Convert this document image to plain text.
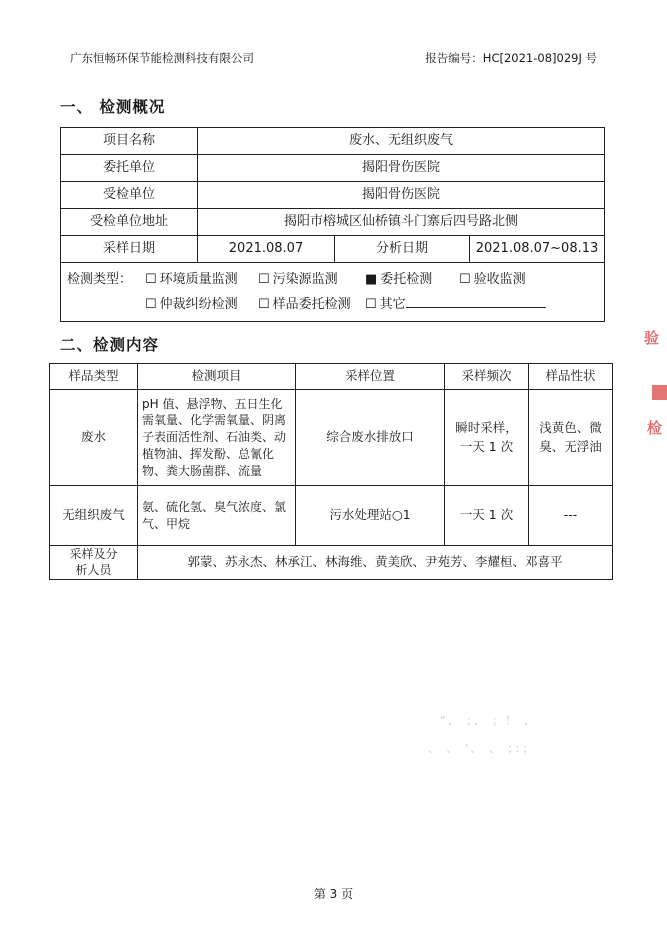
广东恒畅环保节能检测科技有限公司	报告编号：HC[2021-08]029J 号
一、 检测概况
项目名称	废水、无组织废气		
委托单位	揭阳骨伤医院		
受检单位	揭阳骨伤医院		
受检单位地址	揭阳市榕城区仙桥镇斗门寨后四号路北侧		
采样日期	2021.08.07	分析日期	2021.08.07~08.13
检测类型： ☐ 环境质量监测 ☐ 污染源监测 ■ 委托检测 ☐ 验收监测
☐ 仲裁纠纷检测 ☐ 样品委托检测 ☐ 其它			
二、检测内容
样品类型	检测项目	采样位置	采样频次	样品性状
废水	pH 值、悬浮物、五日生化需氧量、化学需氧量、阴离子表面活性剂、石油类、动植物油、挥发酚、总氰化物、粪大肠菌群、流量	综合废水排放口	瞬时采样，一天 1 次	浅黄色、微臭、无浮油
无组织废气	氨、硫化氢、臭气浓度、氯气、甲烷	污水处理站○1	一天 1 次	---
采样及分析人员	郭蒙、苏永杰、林承江、林海维、黄美欣、尹苑芳、李耀桓、邓喜平			
验
检
“、 ；、 ；！ 、
、 、 ‘、 、 ；：；
第 3 页
